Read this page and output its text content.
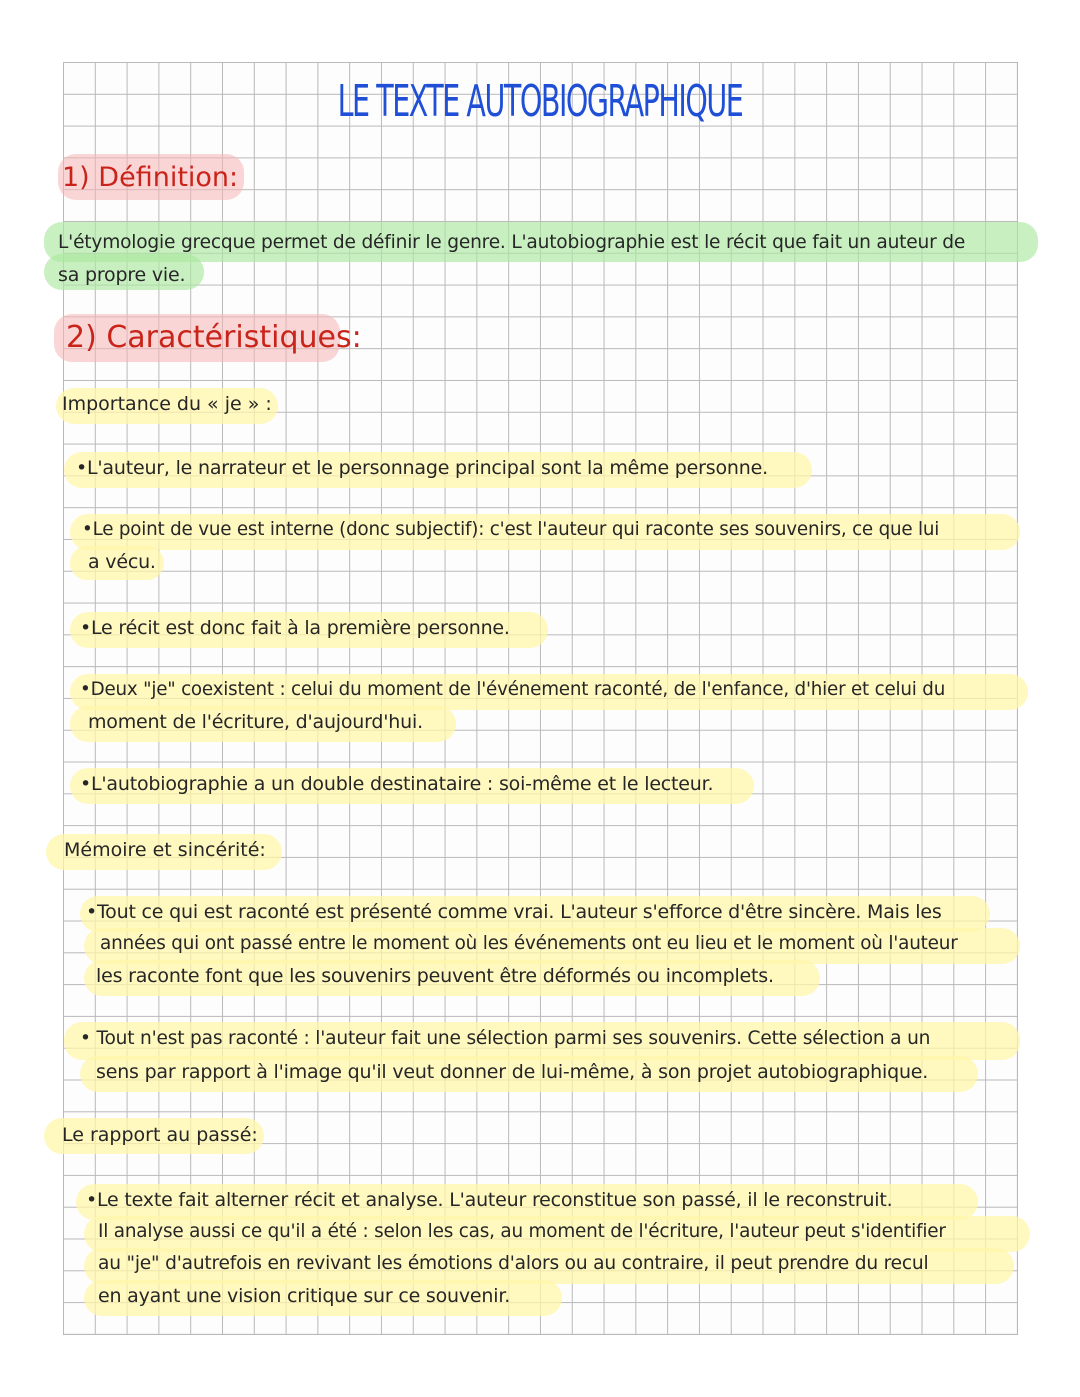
LE TEXTE AUTOBIOGRAPHIQUE
1) Définition:
L'étymologie grecque permet de définir le genre. L'autobiographie est le récit que fait un auteur de
sa propre vie.
2) Caractéristiques:
Importance du « je » :
•L'auteur, le narrateur et le personnage principal sont la même personne.
•Le point de vue est interne (donc subjectif): c'est l'auteur qui raconte ses souvenirs, ce que lui
a vécu.
•Le récit est donc fait à la première personne.
•Deux "je" coexistent : celui du moment de l'événement raconté, de l'enfance, d'hier et celui du
moment de l'écriture, d'aujourd'hui.
•L'autobiographie a un double destinataire : soi-même et le lecteur.
Mémoire et sincérité:
•Tout ce qui est raconté est présenté comme vrai. L'auteur s'efforce d'être sincère. Mais les
années qui ont passé entre le moment où les événements ont eu lieu et le moment où l'auteur
les raconte font que les souvenirs peuvent être déformés ou incomplets.
• Tout n'est pas raconté : l'auteur fait une sélection parmi ses souvenirs. Cette sélection a un
sens par rapport à l'image qu'il veut donner de lui-même, à son projet autobiographique.
Le rapport au passé:
•Le texte fait alterner récit et analyse. L'auteur reconstitue son passé, il le reconstruit.
Il analyse aussi ce qu'il a été : selon les cas, au moment de l'écriture, l'auteur peut s'identifier
au "je" d'autrefois en revivant les émotions d'alors ou au contraire, il peut prendre du recul
en ayant une vision critique sur ce souvenir.
